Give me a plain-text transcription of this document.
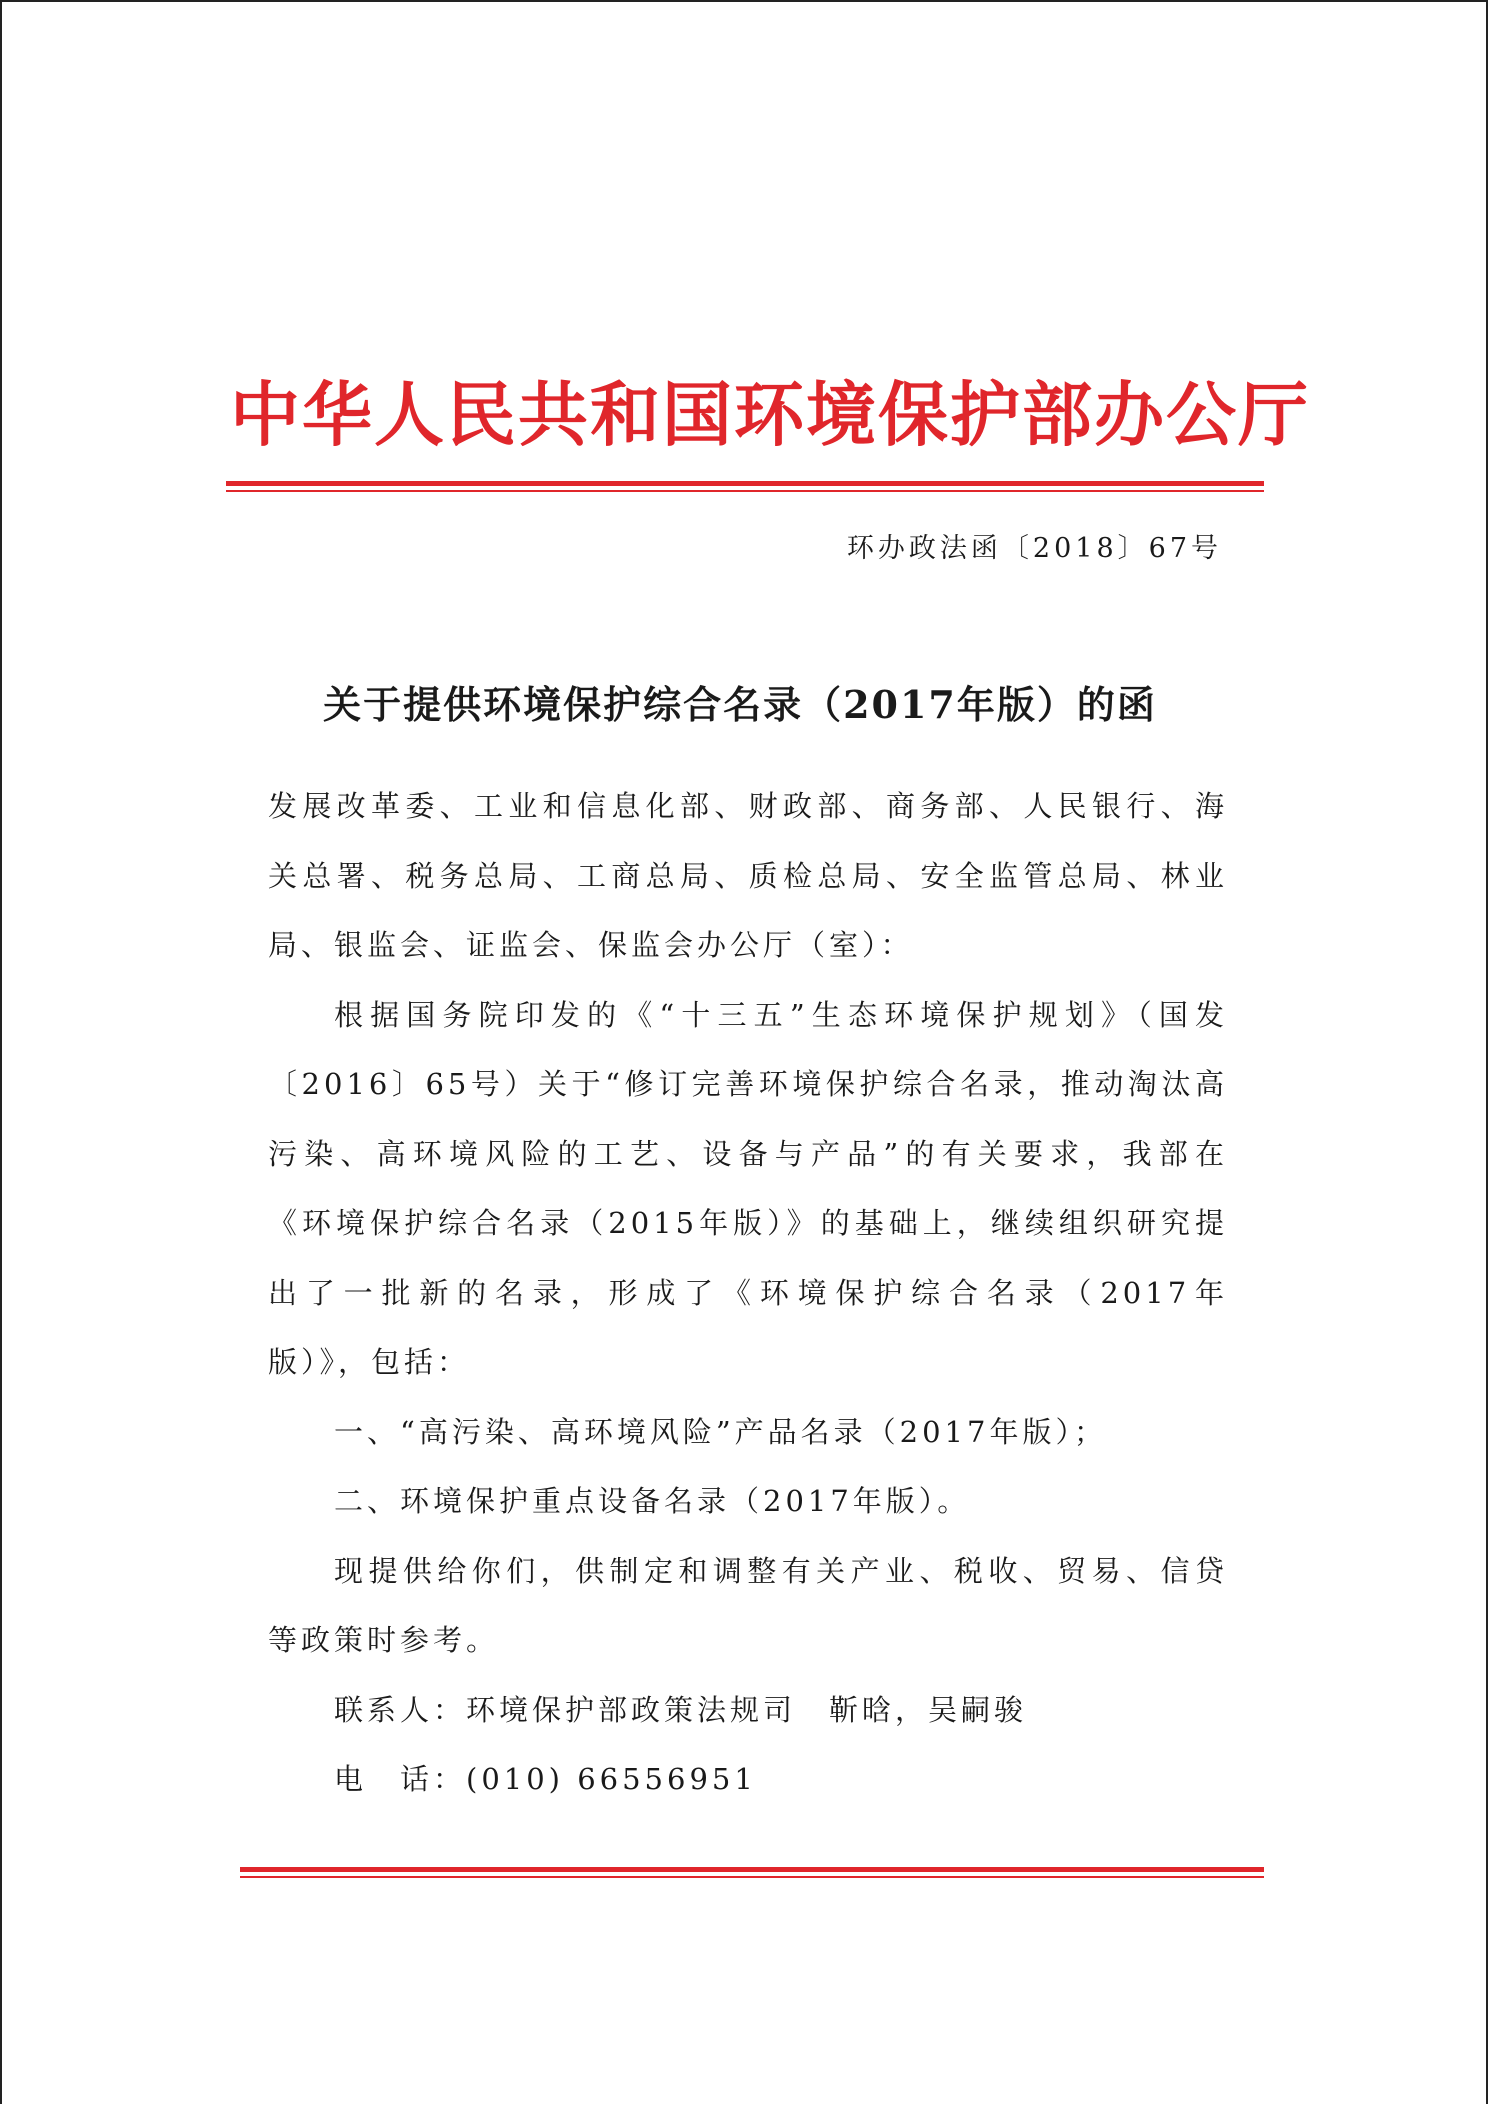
中华人民共和国环境保护部办公厅
环办政法函〔2018〕67号
关于提供环境保护综合名录（2017年版）的函
发展改革委、工业和信息化部、财政部、商务部、人民银行、海
关总署、税务总局、工商总局、质检总局、安全监管总局、林业
局、银监会、证监会、保监会办公厅（室）：
根据国务院印发的《“十三五”生态环境保护规划》（国发
〔2016〕65号）关于“修订完善环境保护综合名录，推动淘汰高
污染、高环境风险的工艺、设备与产品”的有关要求，我部在
《环境保护综合名录（2015年版）》的基础上，继续组织研究提
出了一批新的名录，形成了《环境保护综合名录（2017年
版）》，包括：
一、“高污染、高环境风险”产品名录（2017年版）；
二、环境保护重点设备名录（2017年版）。
现提供给你们，供制定和调整有关产业、税收、贸易、信贷
等政策时参考。
联系人：环境保护部政策法规司　靳晗，吴嗣骏
电　话：(010) 66556951
